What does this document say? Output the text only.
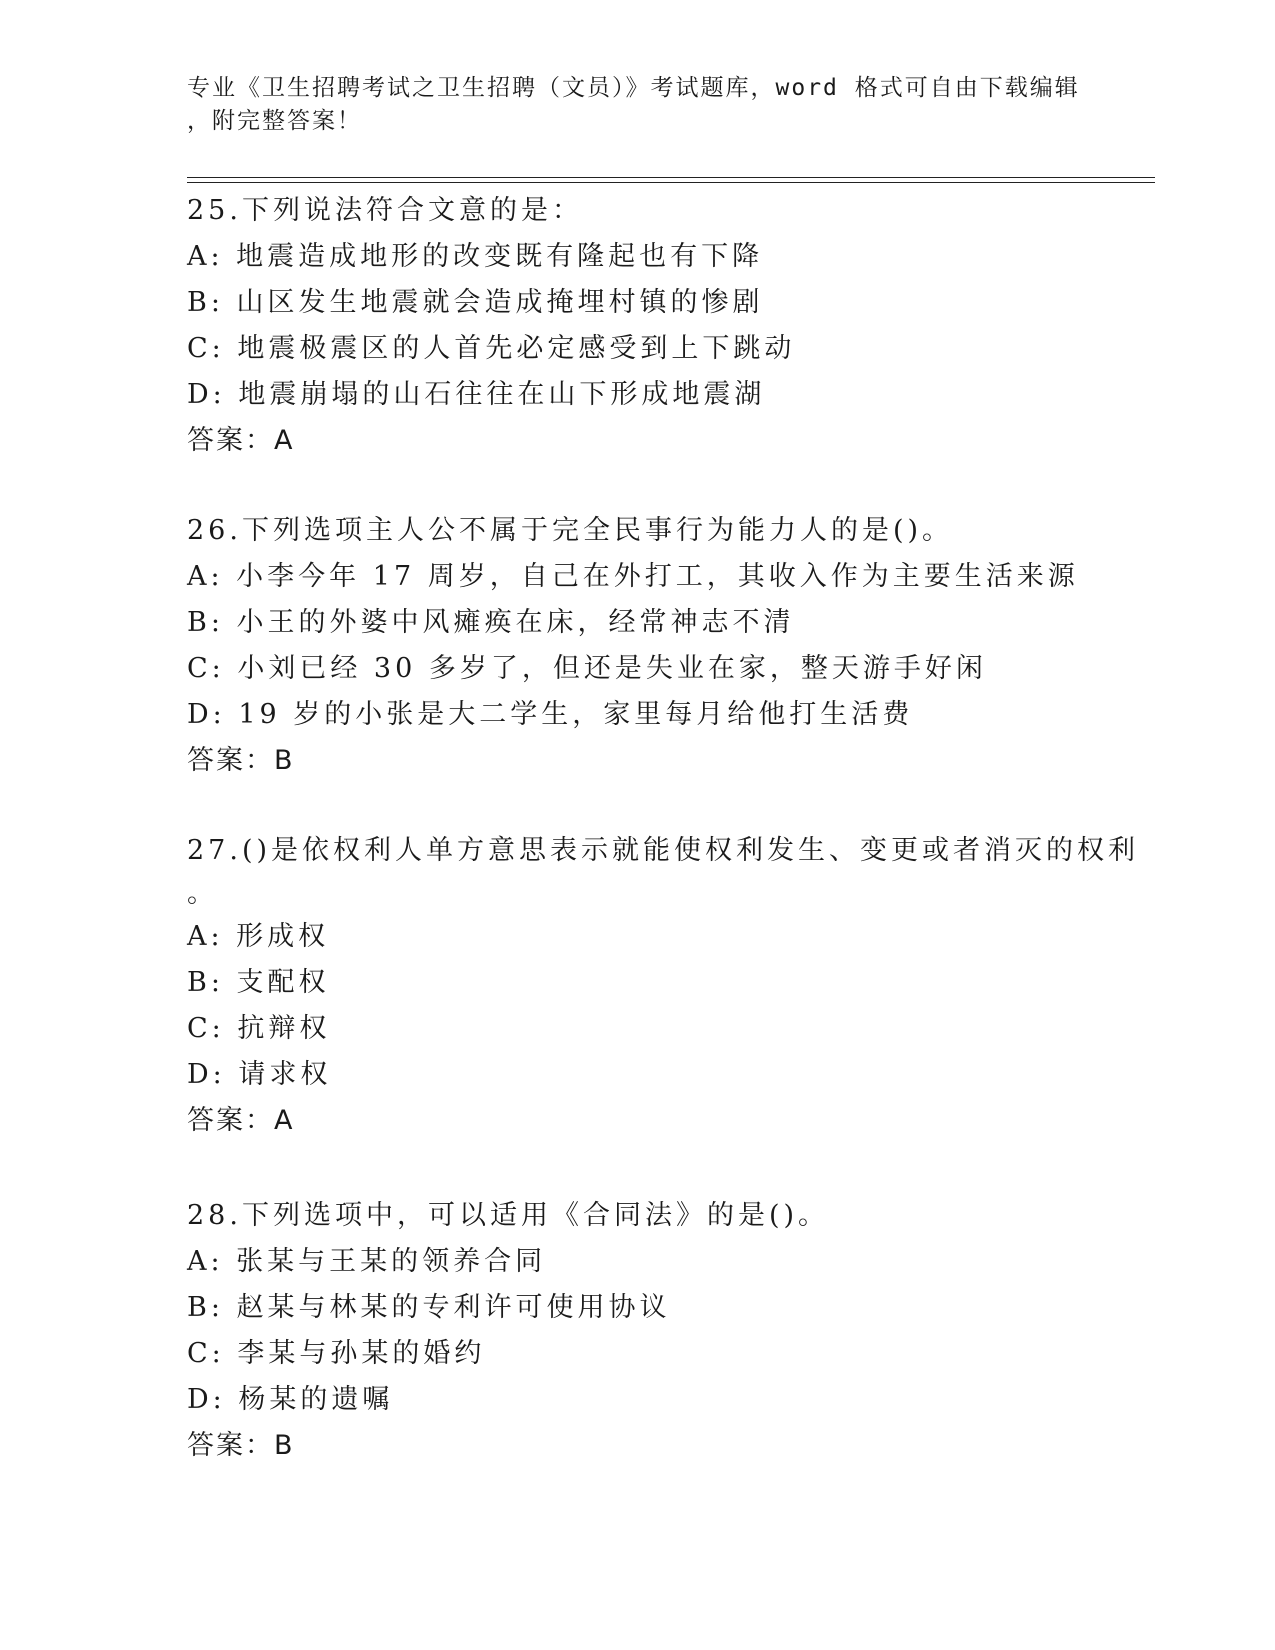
专业《卫生招聘考试之卫生招聘（文员）》考试题库，word 格式可自由下载编辑
，附完整答案！
25.下列说法符合文意的是：
A: 地震造成地形的改变既有隆起也有下降
B: 山区发生地震就会造成掩埋村镇的惨剧
C: 地震极震区的人首先必定感受到上下跳动
D: 地震崩塌的山石往往在山下形成地震湖
答案：A
26.下列选项主人公不属于完全民事行为能力人的是()。
A: 小李今年 17 周岁，自己在外打工，其收入作为主要生活来源
B: 小王的外婆中风瘫痪在床，经常神志不清
C: 小刘已经 30 多岁了，但还是失业在家，整天游手好闲
D: 19 岁的小张是大二学生，家里每月给他打生活费
答案：B
27.()是依权利人单方意思表示就能使权利发生、变更或者消灭的权利
。
A: 形成权
B: 支配权
C: 抗辩权
D: 请求权
答案：A
28.下列选项中，可以适用《合同法》的是()。
A: 张某与王某的领养合同
B: 赵某与林某的专利许可使用协议
C: 李某与孙某的婚约
D: 杨某的遗嘱
答案：B
